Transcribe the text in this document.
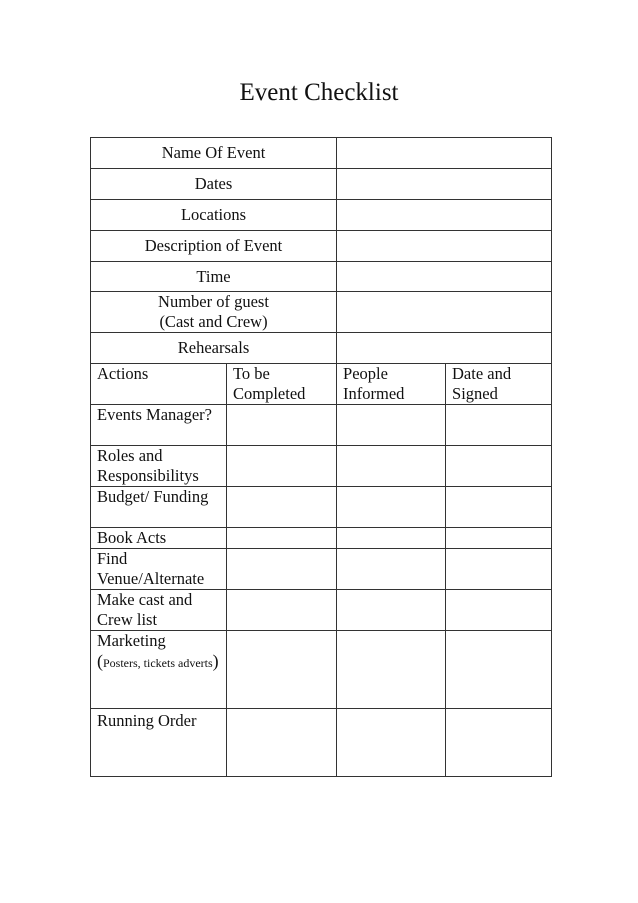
Event Checklist
Name Of Event			
Dates			
Locations			
Description of Event			
Time			

Number of guest
(Cast and Crew)			

Rehearsals			
Actions	To be Completed	People Informed	Date and Signed
Events Manager?			
Roles and Responsibilitys			
Budget/ Funding			
Book Acts			
Find Venue/Alternate			
Make cast and Crew list			

Marketing
(Posters, tickets adverts)			

Running Order			
